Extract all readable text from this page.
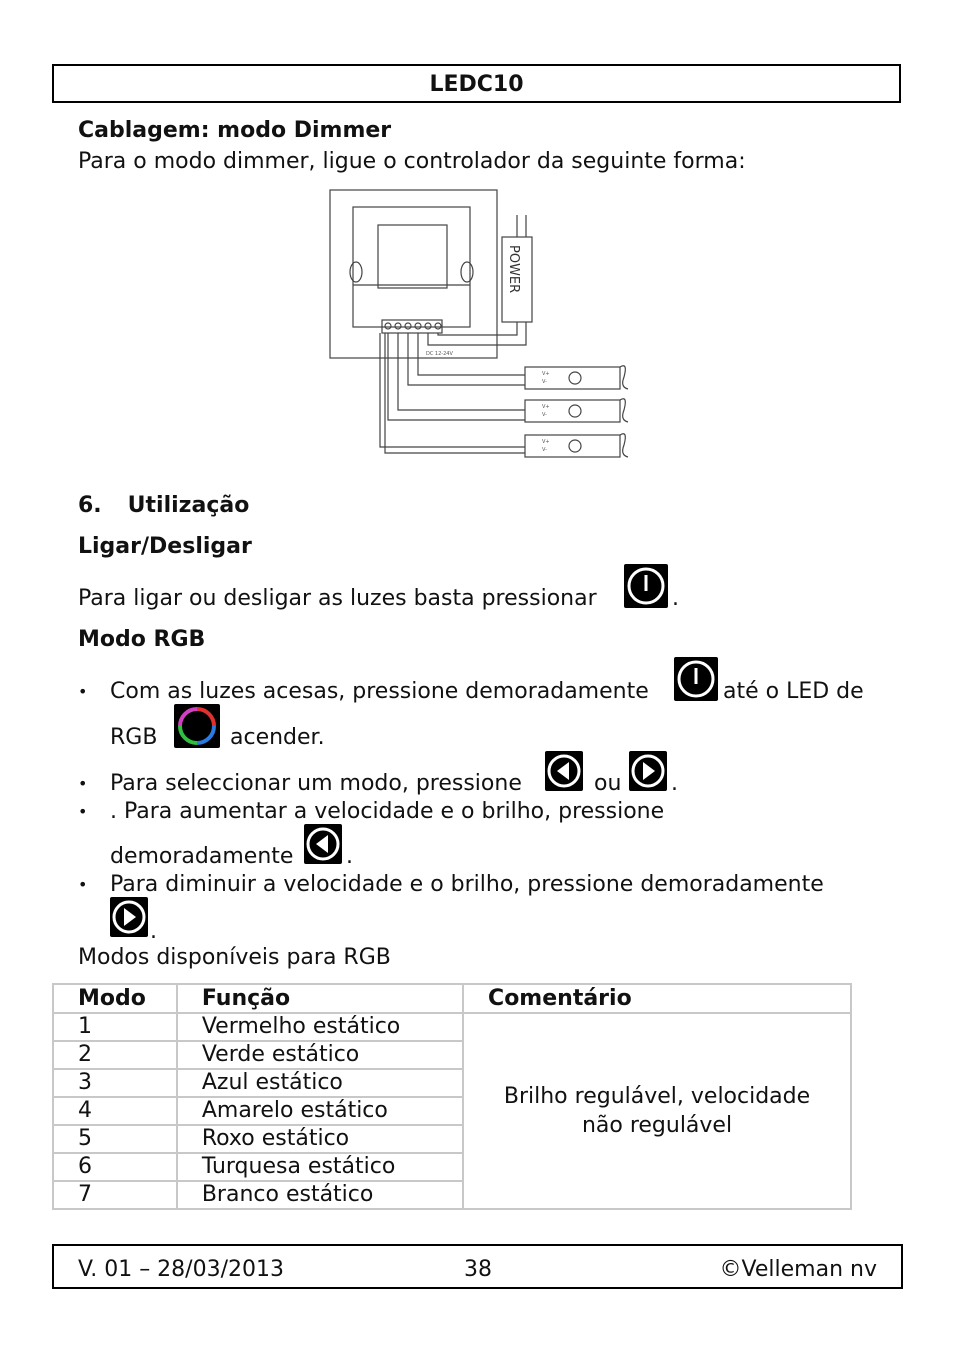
LEDC10
Cablagem: modo Dimmer
Para o modo dimmer, ligue o controlador da seguinte forma:
POWER
DC 12-24V
V+
V-
V+
V-
V+
V-
6. Utilização
Ligar/Desligar
Para ligar ou desligar as luzes basta pressionar	.
Modo RGB
• Com as luzes acesas, pressione demoradamente	até o LED de
RGB	acender.
• Para seleccionar um modo, pressione	ou .
• . Para aumentar a velocidade e o brilho, pressione
demoradamente .
• Para diminuir a velocidade e o brilho, pressione demoradamente
.
Modos disponíveis para RGB
Modo	Função	Comentário
1	Vermelho estático	Brilho regulável, velocidade
não regulável

2	Verde estático	
3	Azul estático	
4	Amarelo estático	
5	Roxo estático	
6	Turquesa estático	
7	Branco estático	
V. 01 – 28/03/2013	38	©Velleman nv
